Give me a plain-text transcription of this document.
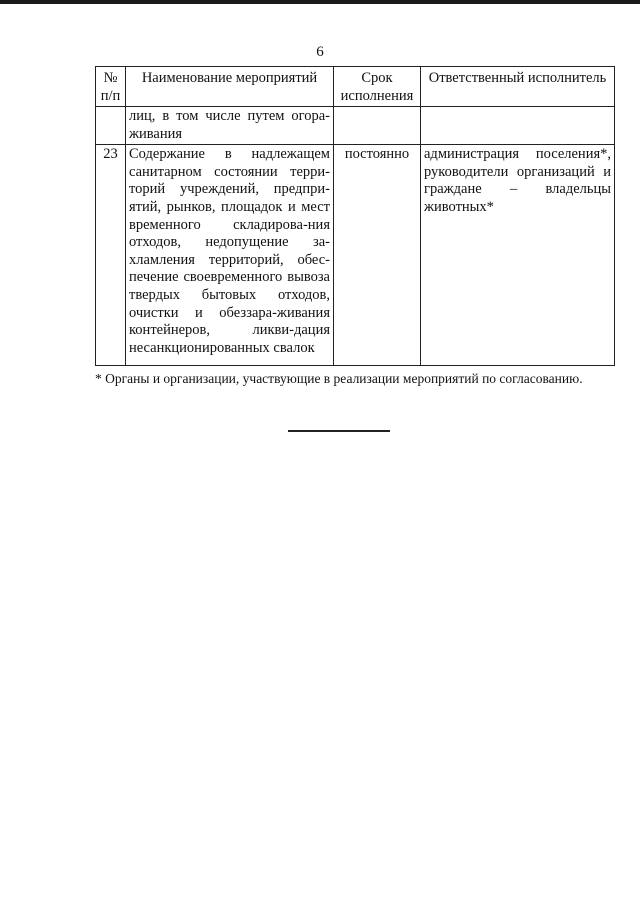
6
№ п/п	Наименование мероприятий	Срок исполнения	Ответственный исполнитель
	лиц, в том числе путем огора-живания		
23	Содержание в надлежащем санитарном состоянии терри-торий учреждений, предпри-ятий, рынков, площадок и мест временного складирова-ния отходов, недопущение за-хламления территорий, обес-печение своевременного вывоза твердых бытовых отходов, очистки и обеззара-живания контейнеров, ликви-дация несанкционированных свалок	постоянно	администрация поселения*, руководители организаций и граждане – владельцы животных*
* Органы и организации, участвующие в реализации мероприятий по согласованию.
